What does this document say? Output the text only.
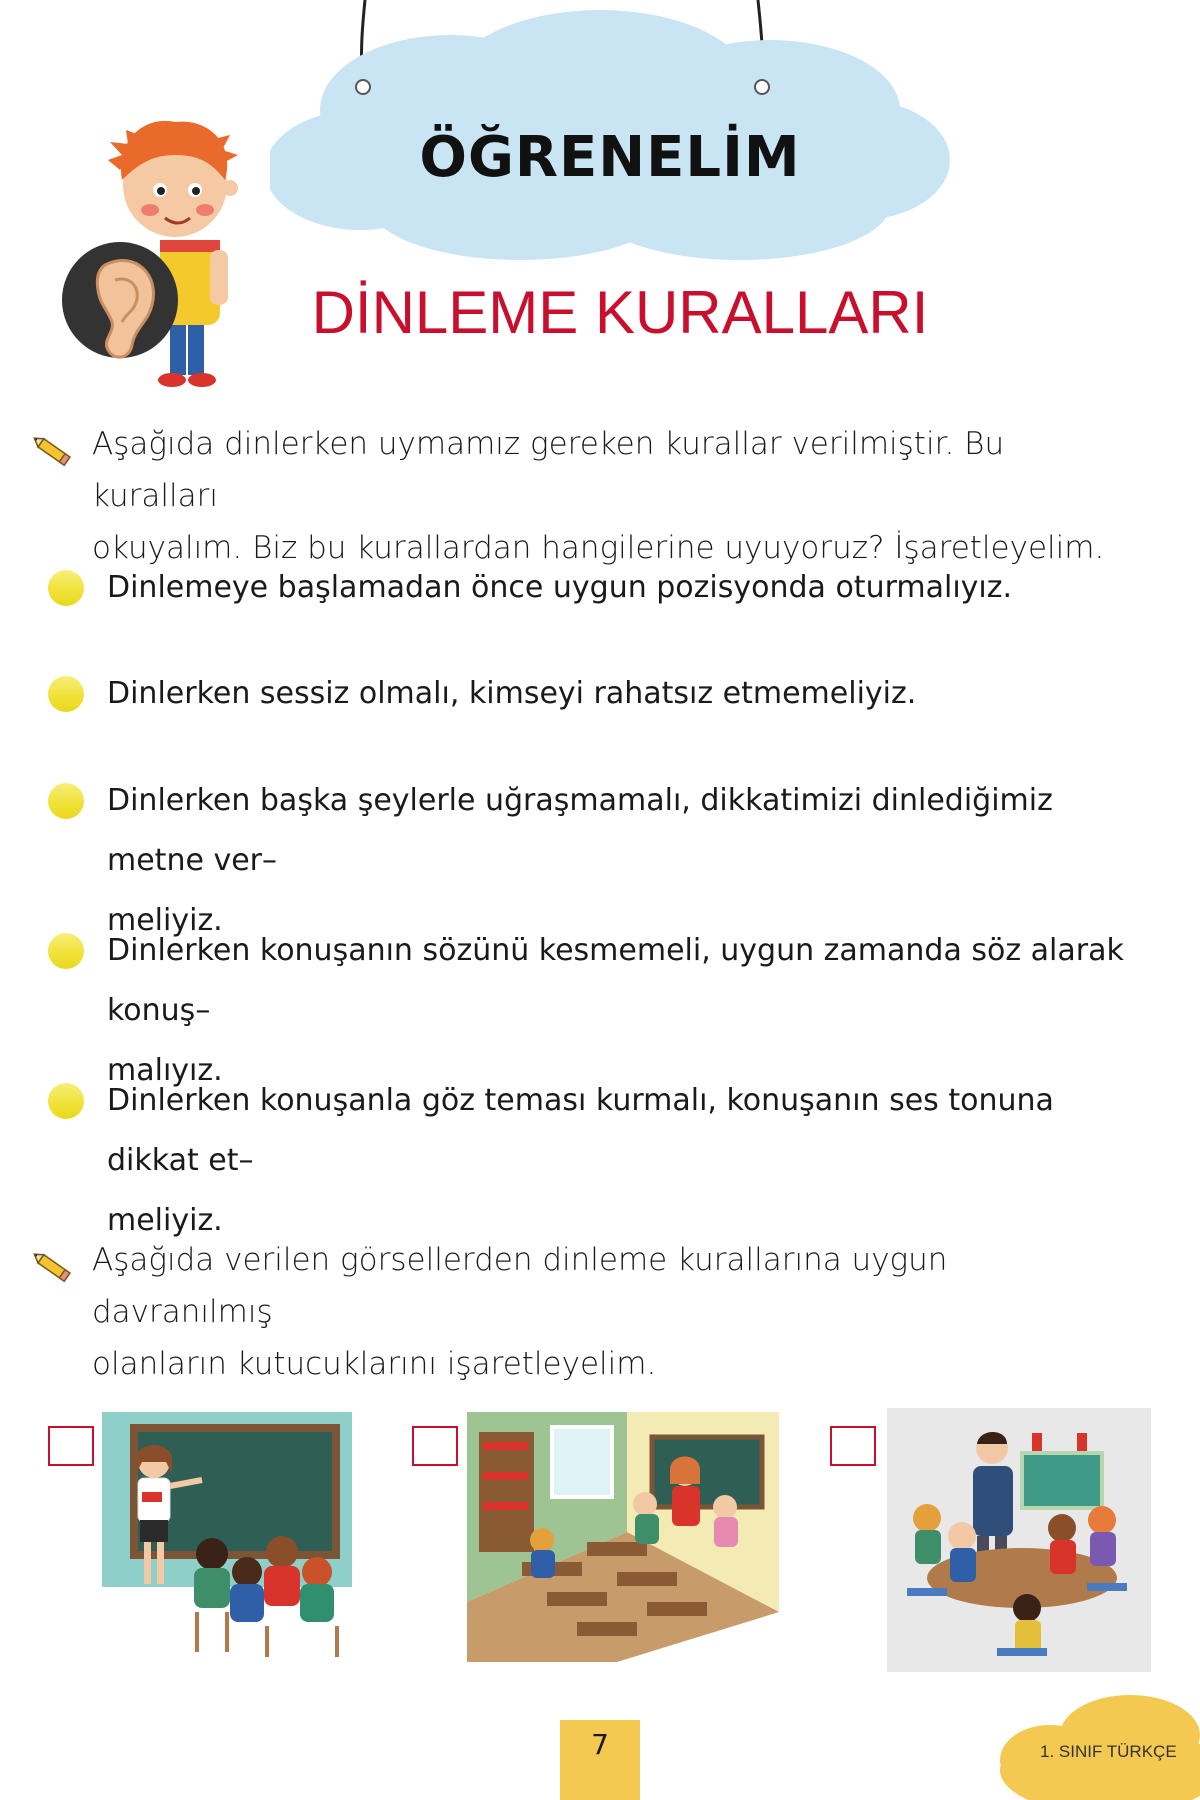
ÖĞRENELİM
DİNLEME KURALLARI
Aşağıda dinlerken uymamız gereken kurallar verilmiştir. Bu kuralları
okuyalım. Biz bu kurallardan hangilerine uyuyoruz? İşaretleyelim.
Dinlemeye başlamadan önce uygun pozisyonda oturmalıyız.
Dinlerken sessiz olmalı, kimseyi rahatsız etmemeliyiz.
Dinlerken başka şeylerle uğraşmamalı, dikkatimizi dinlediğimiz metne ver–
meliyiz.
Dinlerken konuşanın sözünü kesmemeli, uygun zamanda söz alarak konuş–
malıyız.
Dinlerken konuşanla göz teması kurmalı, konuşanın ses tonuna dikkat et–
meliyiz.
Aşağıda verilen görsellerden dinleme kurallarına uygun davranılmış
olanların kutucuklarını işaretleyelim.
7	1. SINIF TÜRKÇE
